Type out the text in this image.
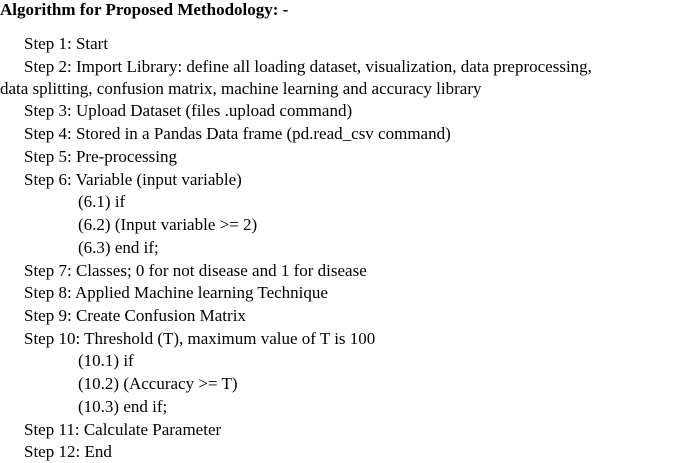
Algorithm for Proposed Methodology: -
Step 1: Start
Step 2: Import Library: define all loading dataset, visualization, data preprocessing,
data splitting, confusion matrix, machine learning and accuracy library
Step 3: Upload Dataset (files .upload command)
Step 4: Stored in a Pandas Data frame (pd.read_csv command)
Step 5: Pre-processing
Step 6: Variable (input variable)
(6.1) if
(6.2) (Input variable >= 2)
(6.3) end if;
Step 7: Classes; 0 for not disease and 1 for disease
Step 8: Applied Machine learning Technique
Step 9: Create Confusion Matrix
Step 10: Threshold (T), maximum value of T is 100
(10.1) if
(10.2) (Accuracy >= T)
(10.3) end if;
Step 11: Calculate Parameter
Step 12: End
